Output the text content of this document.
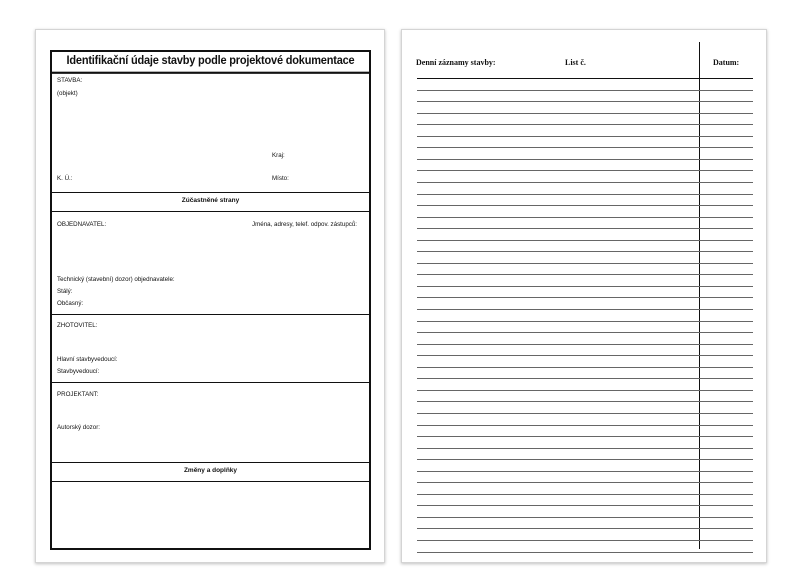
Identifikační údaje stavby podle projektové dokumentace
STAVBA:
(objekt)
Kraj:
K. Ú.:	Místo:
Zúčastněné strany
OBJEDNAVATEL:	Jména, adresy, telef. odpov. zástupců:
Technický (stavební) dozor) objednavatele:
Stálý:
Občasný:
ZHOTOVITEL:
Hlavní stavbyvedoucí:
Stavbyvedoucí:
PROJEKTANT:
Autorský dozor:
Změny a doplňky
Denní záznamy stavby:	List č.	Datum:
